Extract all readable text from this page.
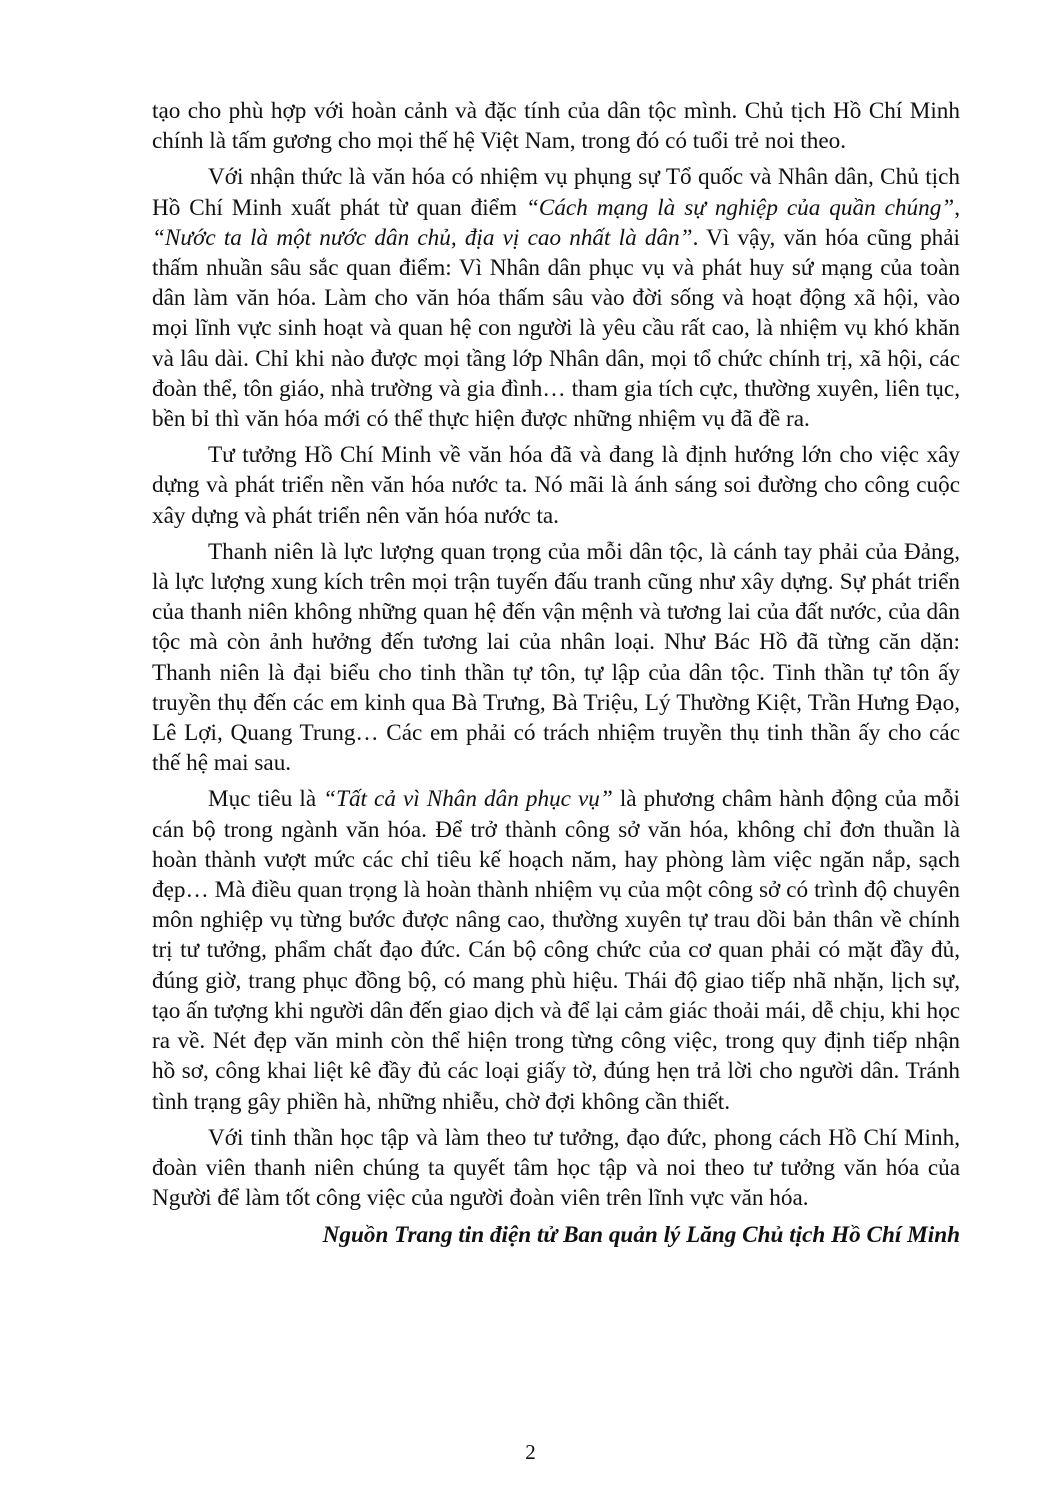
tạo cho phù hợp với hoàn cảnh và đặc tính của dân tộc mình. Chủ tịch Hồ Chí Minh chính là tấm gương cho mọi thế hệ Việt Nam, trong đó có tuổi trẻ noi theo.

Với nhận thức là văn hóa có nhiệm vụ phụng sự Tổ quốc và Nhân dân, Chủ tịch Hồ Chí Minh xuất phát từ quan điểm “Cách mạng là sự nghiệp của quần chúng”, “Nước ta là một nước dân chủ, địa vị cao nhất là dân”. Vì vậy, văn hóa cũng phải thấm nhuần sâu sắc quan điểm: Vì Nhân dân phục vụ và phát huy sứ mạng của toàn dân làm văn hóa. Làm cho văn hóa thấm sâu vào đời sống và hoạt động xã hội, vào mọi lĩnh vực sinh hoạt và quan hệ con người là yêu cầu rất cao, là nhiệm vụ khó khăn và lâu dài. Chỉ khi nào được mọi tầng lớp Nhân dân, mọi tổ chức chính trị, xã hội, các đoàn thể, tôn giáo, nhà trường và gia đình… tham gia tích cực, thường xuyên, liên tục, bền bỉ thì văn hóa mới có thể thực hiện được những nhiệm vụ đã đề ra.

Tư tưởng Hồ Chí Minh về văn hóa đã và đang là định hướng lớn cho việc xây dựng và phát triển nền văn hóa nước ta. Nó mãi là ánh sáng soi đường cho công cuộc xây dựng và phát triển nên văn hóa nước ta.

Thanh niên là lực lượng quan trọng của mỗi dân tộc, là cánh tay phải của Đảng, là lực lượng xung kích trên mọi trận tuyến đấu tranh cũng như xây dựng. Sự phát triển của thanh niên không những quan hệ đến vận mệnh và tương lai của đất nước, của dân tộc mà còn ảnh hưởng đến tương lai của nhân loại. Như Bác Hồ đã từng căn dặn: Thanh niên là đại biểu cho tinh thần tự tôn, tự lập của dân tộc. Tinh thần tự tôn ấy truyền thụ đến các em kinh qua Bà Trưng, Bà Triệu, Lý Thường Kiệt, Trần Hưng Đạo, Lê Lợi, Quang Trung… Các em phải có trách nhiệm truyền thụ tinh thần ấy cho các thế hệ mai sau.

Mục tiêu là “Tất cả vì Nhân dân phục vụ” là phương châm hành động của mỗi cán bộ trong ngành văn hóa. Để trở thành công sở văn hóa, không chỉ đơn thuần là hoàn thành vượt mức các chỉ tiêu kế hoạch năm, hay phòng làm việc ngăn nắp, sạch đẹp… Mà điều quan trọng là hoàn thành nhiệm vụ của một công sở có trình độ chuyên môn nghiệp vụ từng bước được nâng cao, thường xuyên tự trau dồi bản thân về chính trị tư tưởng, phẩm chất đạo đức. Cán bộ công chức của cơ quan phải có mặt đầy đủ, đúng giờ, trang phục đồng bộ, có mang phù hiệu. Thái độ giao tiếp nhã nhặn, lịch sự, tạo ấn tượng khi người dân đến giao dịch và để lại cảm giác thoải mái, dễ chịu, khi học ra về. Nét đẹp văn minh còn thể hiện trong từng công việc, trong quy định tiếp nhận hồ sơ, công khai liệt kê đầy đủ các loại giấy tờ, đúng hẹn trả lời cho người dân. Tránh tình trạng gây phiền hà, những nhiễu, chờ đợi không cần thiết.

Với tinh thần học tập và làm theo tư tưởng, đạo đức, phong cách Hồ Chí Minh, đoàn viên thanh niên chúng ta quyết tâm học tập và noi theo tư tưởng văn hóa của Người để làm tốt công việc của người đoàn viên trên lĩnh vực văn hóa.

Nguồn Trang tin điện tử Ban quản lý Lăng Chủ tịch Hồ Chí Minh

2
